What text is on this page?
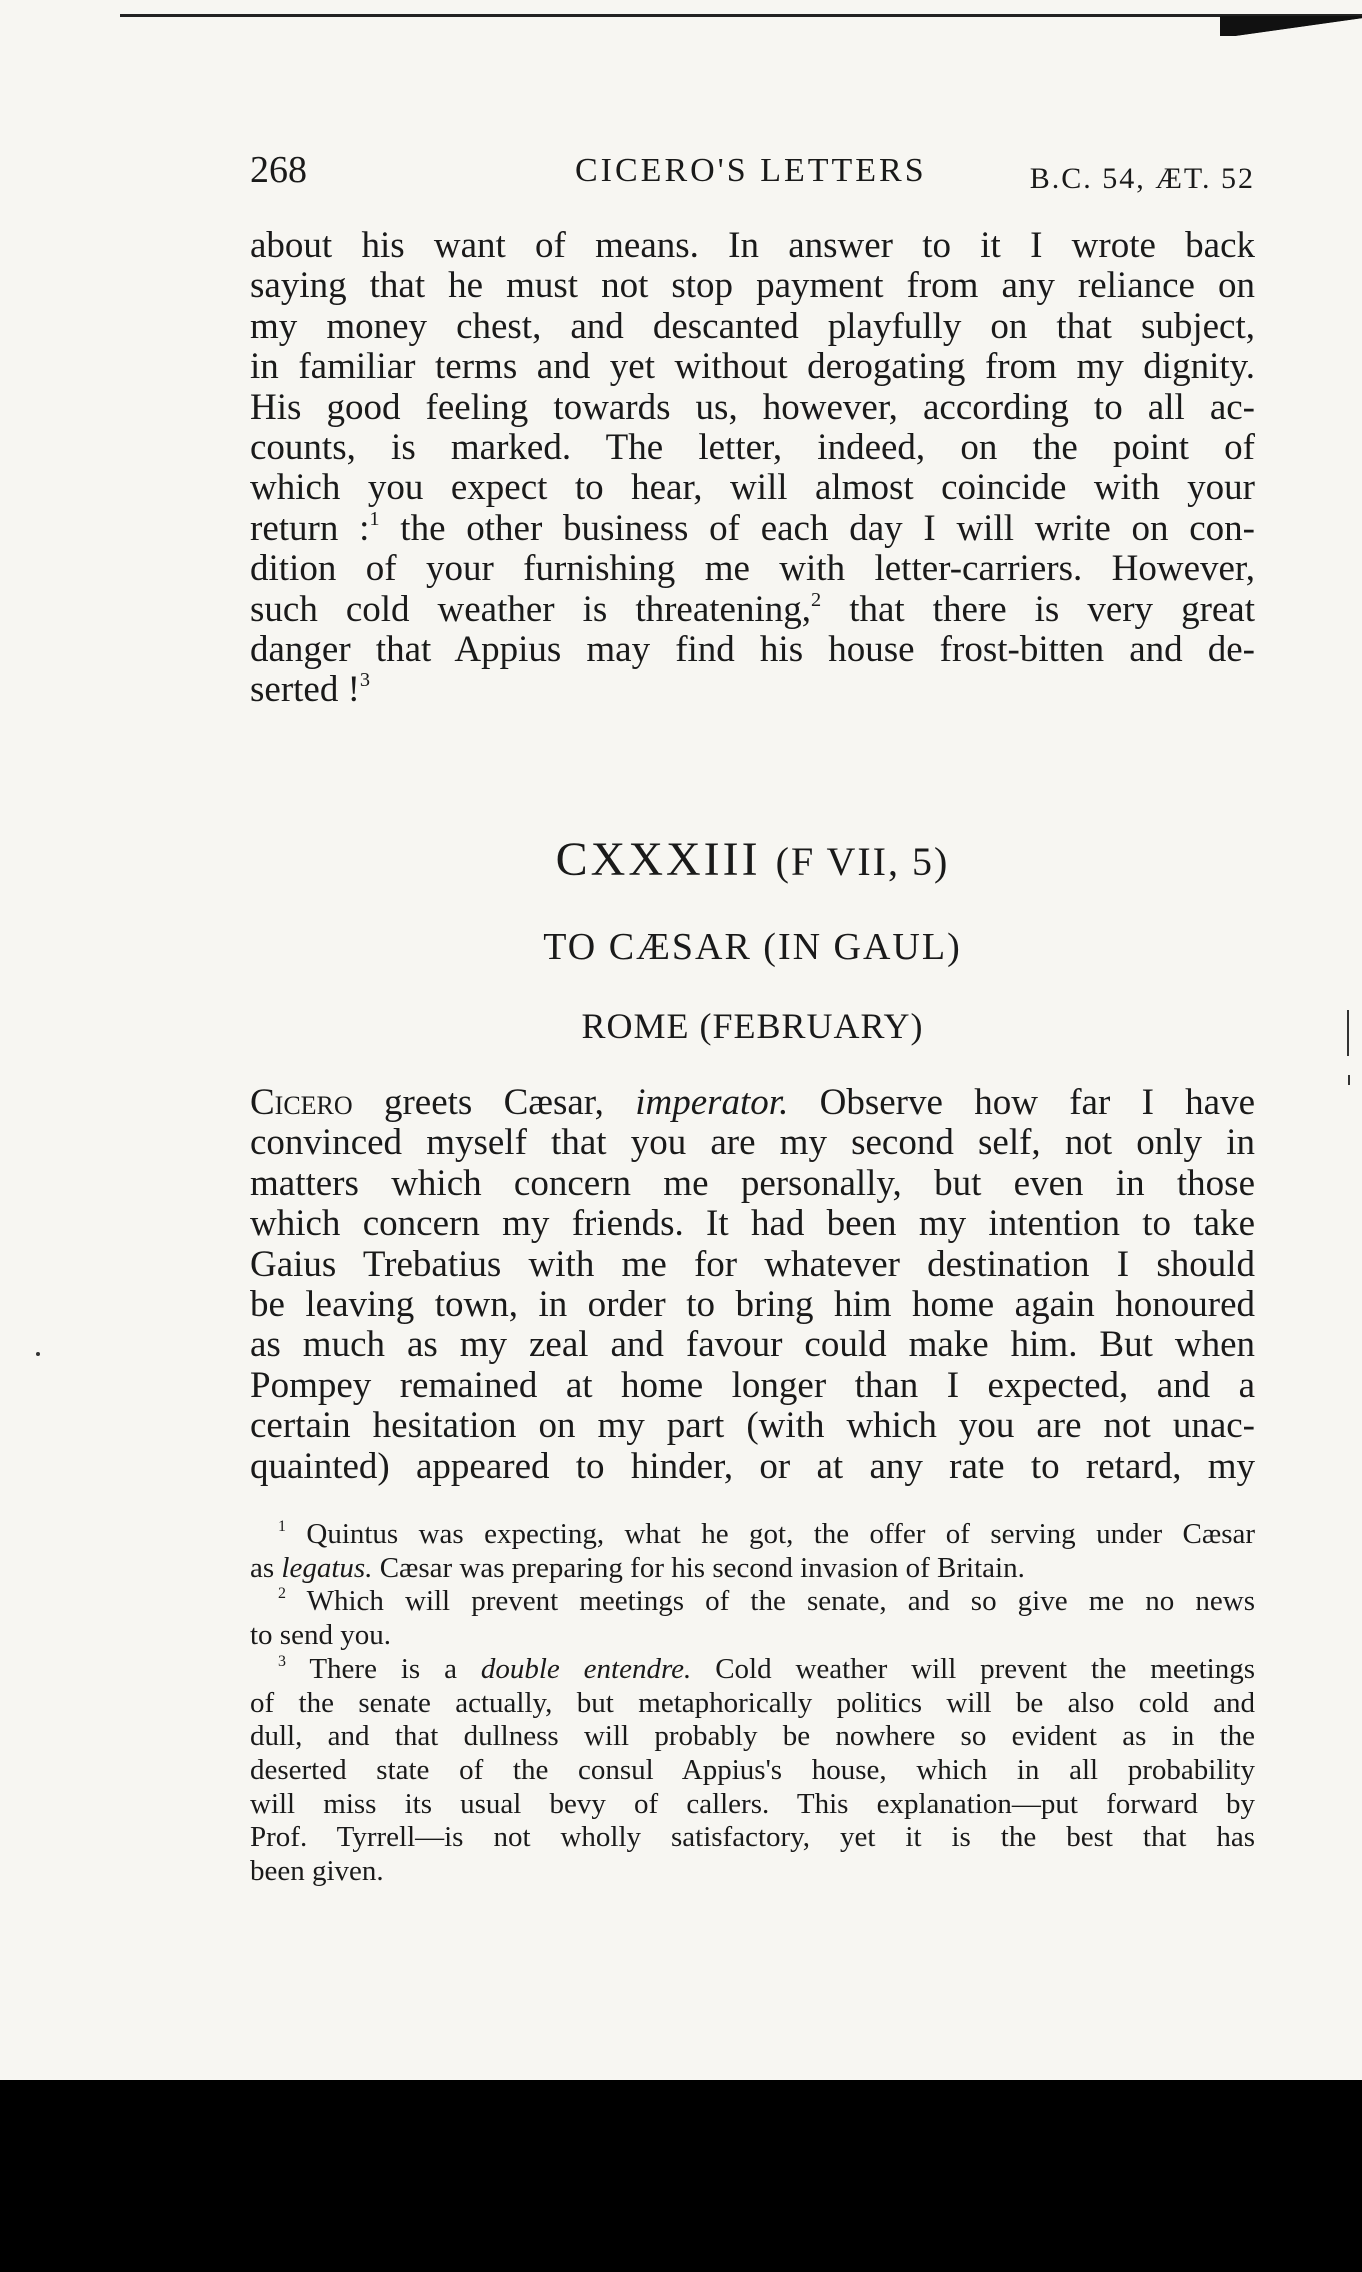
268	CICERO'S LETTERS	B.C. 54, ÆT. 52
about his want of means. In answer to it I wrote back
saying that he must not stop payment from any reliance on
my money chest, and descanted playfully on that subject,
in familiar terms and yet without derogating from my dignity.
His good feeling towards us, however, according to all ac-
counts, is marked. The letter, indeed, on the point of
which you expect to hear, will almost coincide with your
return :$^1$ the other business of each day I will write on con-
dition of your furnishing me with letter-carriers. However,
such cold weather is threatening,$^2$ that there is very great
danger that Appius may find his house frost-bitten and de-
serted !$^3$
CXXXIII (F VII, 5)
TO CÆSAR (IN GAUL)
ROME (FEBRUARY)
Cicero greets Cæsar, imperator. Observe how far I have
convinced myself that you are my second self, not only in
matters which concern me personally, but even in those
which concern my friends. It had been my intention to take
Gaius Trebatius with me for whatever destination I should
be leaving town, in order to bring him home again honoured
as much as my zeal and favour could make him. But when
Pompey remained at home longer than I expected, and a
certain hesitation on my part (with which you are not unac-
quainted) appeared to hinder, or at any rate to retard, my
$^1$ Quintus was expecting, what he got, the offer of serving under Cæsar
as legatus. Cæsar was preparing for his second invasion of Britain.
$^2$ Which will prevent meetings of the senate, and so give me no news
to send you.
$^3$ There is a double entendre. Cold weather will prevent the meetings
of the senate actually, but metaphorically politics will be also cold and
dull, and that dullness will probably be nowhere so evident as in the
deserted state of the consul Appius's house, which in all probability
will miss its usual bevy of callers. This explanation—put forward by
Prof. Tyrrell—is not wholly satisfactory, yet it is the best that has
been given.
